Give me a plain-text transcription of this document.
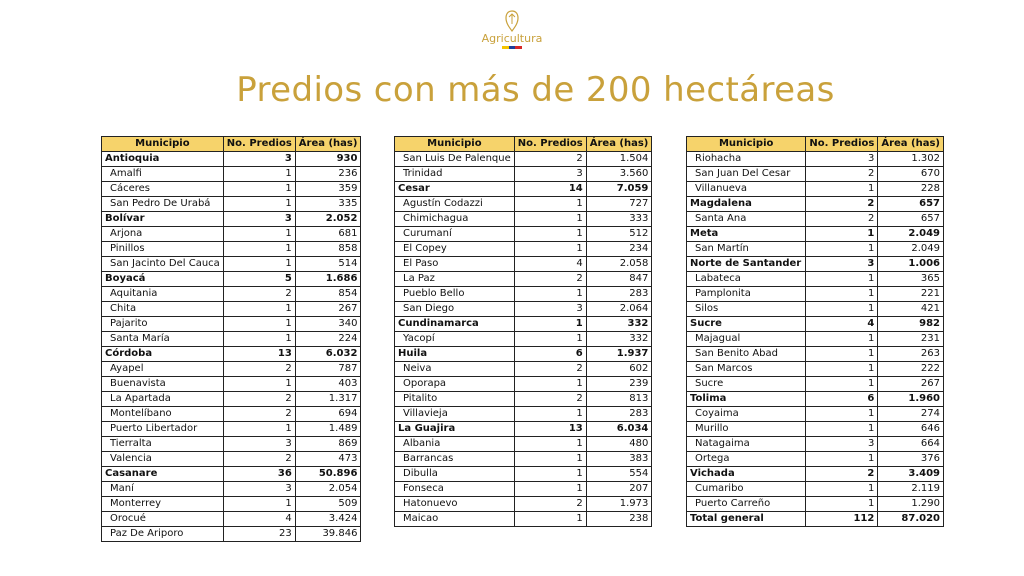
Agricultura
Predios con más de 200 hectáreas
Municipio	No. Predios	Área (has)
Antioquia	3	930
Amalfi	1	236
Cáceres	1	359
San Pedro De Urabá	1	335
Bolívar	3	2.052
Arjona	1	681
Pinillos	1	858
San Jacinto Del Cauca	1	514
Boyacá	5	1.686
Aquitania	2	854
Chita	1	267
Pajarito	1	340
Santa María	1	224
Córdoba	13	6.032
Ayapel	2	787
Buenavista	1	403
La Apartada	2	1.317
Montelíbano	2	694
Puerto Libertador	1	1.489
Tierralta	3	869
Valencia	2	473
Casanare	36	50.896
Maní	3	2.054
Monterrey	1	509
Orocué	4	3.424
Paz De Ariporo	23	39.846
Municipio	No. Predios	Área (has)
San Luis De Palenque	2	1.504
Trinidad	3	3.560
Cesar	14	7.059
Agustín Codazzi	1	727
Chimichagua	1	333
Curumaní	1	512
El Copey	1	234
El Paso	4	2.058
La Paz	2	847
Pueblo Bello	1	283
San Diego	3	2.064
Cundinamarca	1	332
Yacopí	1	332
Huila	6	1.937
Neiva	2	602
Oporapa	1	239
Pitalito	2	813
Villavieja	1	283
La Guajira	13	6.034
Albania	1	480
Barrancas	1	383
Dibulla	1	554
Fonseca	1	207
Hatonuevo	2	1.973
Maicao	1	238
Municipio	No. Predios	Área (has)
Riohacha	3	1.302
San Juan Del Cesar	2	670
Villanueva	1	228
Magdalena	2	657
Santa Ana	2	657
Meta	1	2.049
San Martín	1	2.049
Norte de Santander	3	1.006
Labateca	1	365
Pamplonita	1	221
Silos	1	421
Sucre	4	982
Majagual	1	231
San Benito Abad	1	263
San Marcos	1	222
Sucre	1	267
Tolima	6	1.960
Coyaima	1	274
Murillo	1	646
Natagaima	3	664
Ortega	1	376
Vichada	2	3.409
Cumaribo	1	2.119
Puerto Carreño	1	1.290
Total general	112	87.020
